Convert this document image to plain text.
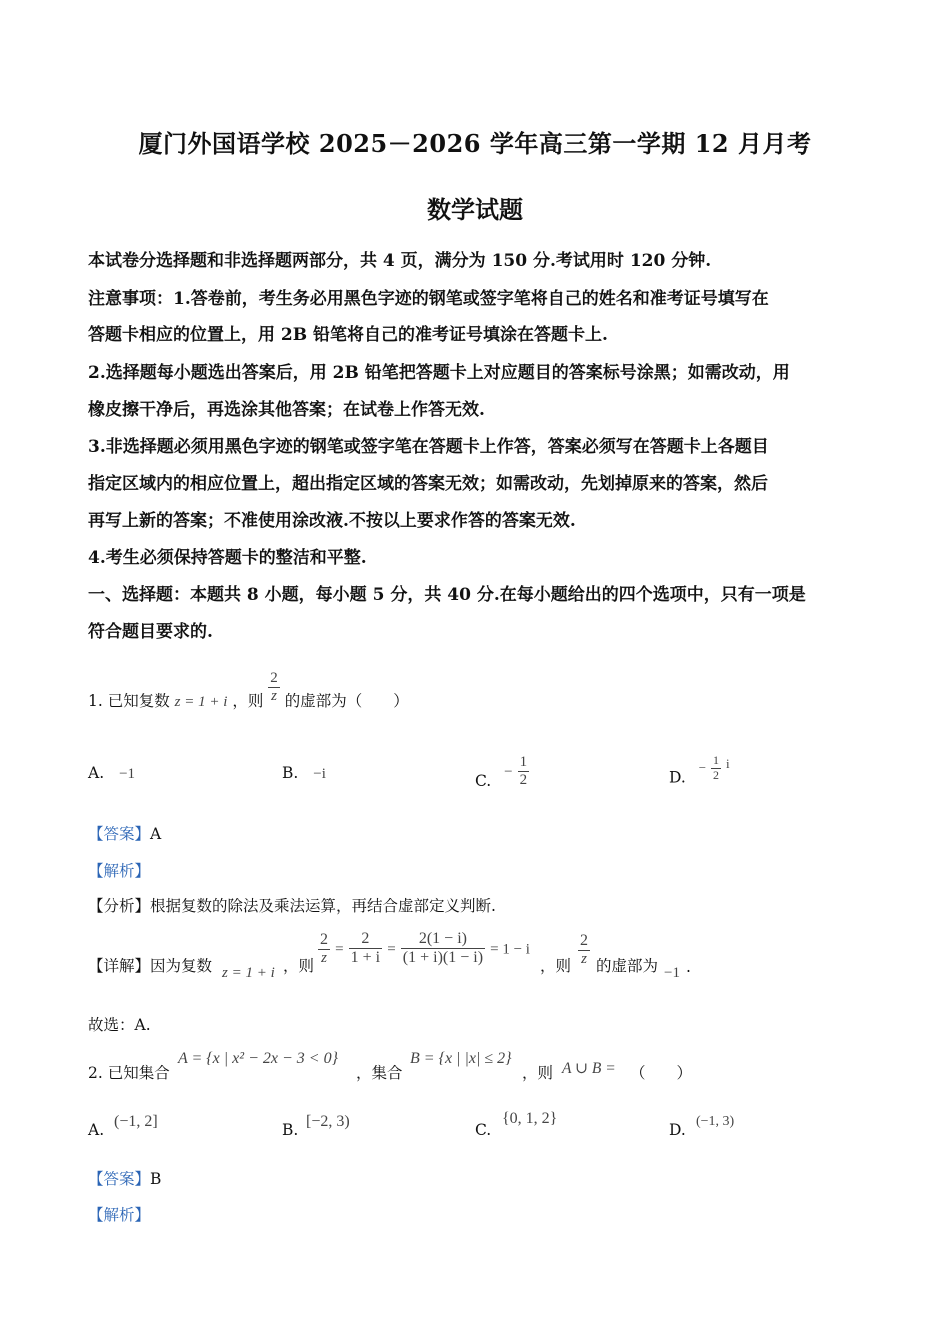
厦门外国语学校 2025－2026 学年高三第一学期 12 月月考
数学试题
本试卷分选择题和非选择题两部分，共 4 页，满分为 150 分.考试用时 120 分钟.
注意事项：1.答卷前，考生务必用黑色字迹的钢笔或签字笔将自己的姓名和准考证号填写在
答题卡相应的位置上，用 2B 铅笔将自己的准考证号填涂在答题卡上.
2.选择题每小题选出答案后，用 2B 铅笔把答题卡上对应题目的答案标号涂黑；如需改动，用
橡皮擦干净后，再选涂其他答案；在试卷上作答无效.
3.非选择题必须用黑色字迹的钢笔或签字笔在答题卡上作答，答案必须写在答题卡上各题目
指定区域内的相应位置上，超出指定区域的答案无效；如需改动，先划掉原来的答案，然后
再写上新的答案；不准使用涂改液.不按以上要求作答的答案无效.
4.考生必须保持答题卡的整洁和平整.
一、选择题：本题共 8 小题，每小题 5 分，共 40 分.在每小题给出的四个选项中，只有一项是
符合题目要求的.
1. 已知复数 z = 1 + i ，则 $\frac{2}{z}$ 的虚部为（　　）
A. −1	B. −i	C. − $\frac{1}{2}$	D. $^- \frac{1}{2} ^i$
【答案】A
【解析】
【分析】根据复数的除法及乘法运算，再结合虚部定义判断.
【详解】因为复数 z = 1 + i ，则 $\frac{2}{z} = \frac{2}{1 + i} = \frac{2(1 - i)}{(1 + i)(1 - i)} = 1 - i$
，则 $\frac{2}{z}$ 的虚部为 −1 .
故选：A.
2. 已知集合
A = {x | x² − 2x − 3 < 0}
，集合
B = {x | |x| ≤ 2}
，则 A ∪ B = （　　）
A. (−1, 2]	B. [−2, 3)	C.
{0, 1, 2}
D. (−1, 3)
【答案】B
【解析】
